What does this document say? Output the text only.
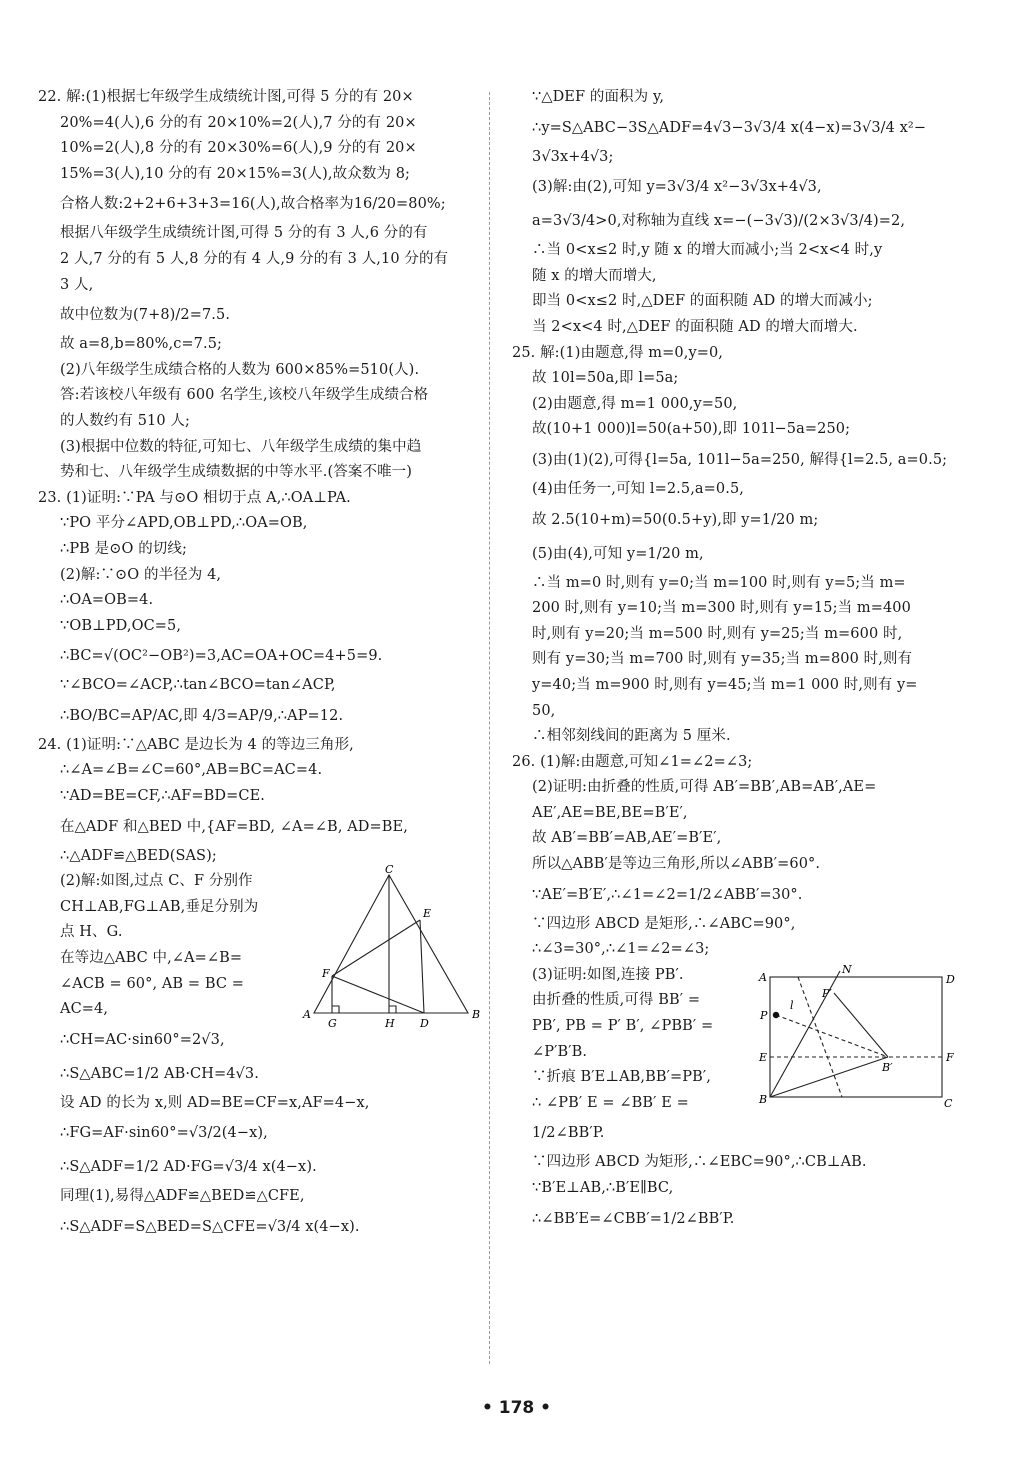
22. 解:(1)根据七年级学生成绩统计图,可得 5 分的有 20×
20%=4(人),6 分的有 20×10%=2(人),7 分的有 20×
10%=2(人),8 分的有 20×30%=6(人),9 分的有 20×
15%=3(人),10 分的有 20×15%=3(人),故众数为 8;
合格人数:2+2+6+3+3=16(人),故合格率为16/20=80%;
根据八年级学生成绩统计图,可得 5 分的有 3 人,6 分的有
2 人,7 分的有 5 人,8 分的有 4 人,9 分的有 3 人,10 分的有
3 人,
故中位数为(7+8)/2=7.5.
故 a=8,b=80%,c=7.5;
(2)八年级学生成绩合格的人数为 600×85%=510(人).
答:若该校八年级有 600 名学生,该校八年级学生成绩合格
的人数约有 510 人;
(3)根据中位数的特征,可知七、八年级学生成绩的集中趋
势和七、八年级学生成绩数据的中等水平.(答案不唯一)
23. (1)证明:∵PA 与⊙O 相切于点 A,∴OA⊥PA.
∵PO 平分∠APD,OB⊥PD,∴OA=OB,
∴PB 是⊙O 的切线;
(2)解:∵⊙O 的半径为 4,
∴OA=OB=4.
∵OB⊥PD,OC=5,
∴BC=√(OC²−OB²)=3,AC=OA+OC=4+5=9.
∵∠BCO=∠ACP,∴tan∠BCO=tan∠ACP,
∴BO/BC=AP/AC,即 4/3=AP/9,∴AP=12.
24. (1)证明:∵△ABC 是边长为 4 的等边三角形,
∴∠A=∠B=∠C=60°,AB=BC=AC=4.
∵AD=BE=CF,∴AF=BD=CE.
在△ADF 和△BED 中,{AF=BD, ∠A=∠B, AD=BE,
∴△ADF≌△BED(SAS);
(2)解:如图,过点 C、F 分别作
CH⊥AB,FG⊥AB,垂足分别为
点 H、G.
在等边△ABC 中,∠A=∠B=
∠ACB = 60°, AB = BC =
AC=4,
C
E
F
A
G	H D
B
∴CH=AC·sin60°=2√3,
∴S△ABC=1/2 AB·CH=4√3.
设 AD 的长为 x,则 AD=BE=CF=x,AF=4−x,
∴FG=AF·sin60°=√3/2(4−x),
∴S△ADF=1/2 AD·FG=√3/4 x(4−x).
同理(1),易得△ADF≌△BED≌△CFE,
∴S△ADF=S△BED=S△CFE=√3/4 x(4−x).
∵△DEF 的面积为 y,
∴y=S△ABC−3S△ADF=4√3−3√3/4 x(4−x)=3√3/4 x²−
3√3x+4√3;
(3)解:由(2),可知 y=3√3/4 x²−3√3x+4√3,
a=3√3/4>0,对称轴为直线 x=−(−3√3)/(2×3√3/4)=2,
∴当 0<x≤2 时,y 随 x 的增大而减小;当 2<x<4 时,y
随 x 的增大而增大,
即当 0<x≤2 时,△DEF 的面积随 AD 的增大而减小;
当 2<x<4 时,△DEF 的面积随 AD 的增大而增大.
25. 解:(1)由题意,得 m=0,y=0,
故 10l=50a,即 l=5a;
(2)由题意,得 m=1 000,y=50,
故(10+1 000)l=50(a+50),即 101l−5a=250;
(3)由(1)(2),可得{l=5a, 101l−5a=250, 解得{l=2.5, a=0.5;
(4)由任务一,可知 l=2.5,a=0.5,
故 2.5(10+m)=50(0.5+y),即 y=1/20 m;
(5)由(4),可知 y=1/20 m,
∴当 m=0 时,则有 y=0;当 m=100 时,则有 y=5;当 m=
200 时,则有 y=10;当 m=300 时,则有 y=15;当 m=400
时,则有 y=20;当 m=500 时,则有 y=25;当 m=600 时,
则有 y=30;当 m=700 时,则有 y=35;当 m=800 时,则有
y=40;当 m=900 时,则有 y=45;当 m=1 000 时,则有 y=
50,
∴相邻刻线间的距离为 5 厘米.
26. (1)解:由题意,可知∠1=∠2=∠3;
(2)证明:由折叠的性质,可得 AB′=BB′,AB=AB′,AE=
AE′,AE=BE,BE=B′E′,
故 AB′=BB′=AB,AE′=B′E′,
所以△ABB′是等边三角形,所以∠ABB′=60°.
∵AE′=B′E′,∴∠1=∠2=1/2∠ABB′=30°.
∵四边形 ABCD 是矩形,∴∠ABC=90°,
∴∠3=30°,∴∠1=∠2=∠3;
(3)证明:如图,连接 PB′.
由折叠的性质,可得 BB′ =
PB′, PB = P′ B′, ∠PBB′ =
∠P′B′B.
∵折痕 B′E⊥AB,BB′=PB′,
∴ ∠PB′ E = ∠BB′ E =
1/2∠BB′P.
N
A	D
P′
l
P
E	F
B′
B	C
∵四边形 ABCD 为矩形,∴∠EBC=90°,∴CB⊥AB.
∵B′E⊥AB,∴B′E∥BC,
∴∠BB′E=∠CBB′=1/2∠BB′P.
• 178 •
